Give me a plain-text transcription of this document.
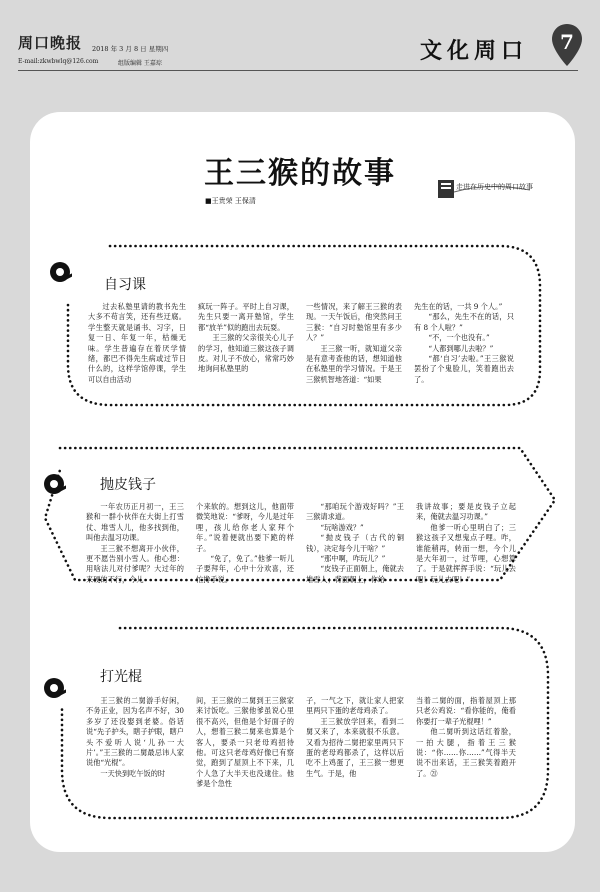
周口晚报 2018 年 3 月 8 日 星期四
E-mail:zkwbwlq@126.com	组版编辑 王嘉琮	文化周口	7
王三猴的故事
■王贵荣 王保清
走进在历史中的周口故事
自习课
抛皮钱子
打光棍

过去私塾里请的教书先生大多不苟言笑，还有些迂腐。学生整天就是诵书、习字，日复一日、年复一年，枯燥无味。学生普遍存在着厌学情绪，都巴不得先生病或过节日什么的，这样学馆停课，学生可以自由活动

疯玩一阵子。平时上自习课，先生只要一离开塾馆，学生都“放羊”似的跑出去玩耍。

王三猴的父亲很关心儿子的学习，他知道三猴这孩子调皮。对儿子不放心，常常巧妙地询问私塾里的

一些情况，来了解王三猴的表现。一天午饭后，他突然问王三猴：“自习时塾馆里有多少人？”

王三猴一听，就知道父亲是有意考查他的话，想知道他在私塾里的学习情况。于是王三猴机智地答道：“如果

先生在的话，一共 9 个人。”

“那么，先生不在的话，只有 8 个人啦？”

“不，一个也没有。”

“人都到哪儿去啦？”

“都‘自习’去啦。”王三猴说罢扮了个鬼脸儿，笑着跑出去了。

一年农历正月初一，王三猴和一群小伙伴在大街上打雪仗、堆雪人儿，他多找到他，叫他去温习功课。

王三猴不想离开小伙伴，更不愿告别小雪人。他心想：用啥法儿对付爹呢？大过年的来硬的不行，今儿

个来软的。想到这儿，他面带微笑地说：“爹呀，今儿是过年哩，孩儿给你老人家拜个年。”说着便就出要下跪的样子。

“免了，免了。”他爹一听儿子要拜年，心中十分欢喜，还忙搀手说。

“那咱玩个游戏好吗？”王三猴请求道。

“玩啥游戏？”

“抛皮钱子（古代的铜钱），决定每今儿干啥？”

“那中啊，咋玩儿？”

“皮钱子正面朝上，俺就去堆雪人；背面朝上，你给

我讲故事；要是皮钱子立起来，俺就去温习功课。”

他爹一听心里明白了；三猴这孩子又想鬼点子哩。咋，谁能稍再，转而一想，今个儿是大年初一，过节哩，心想算了。于是就挥挥手说：“玩儿去吧！玩儿去吧！”

王三猴的二舅游手好闲，不务正业，因为名声不好，30 多岁了还没娶到老婆。俗话说“先子护头，瞎子护眼，瞎户头不爱听人说‘儿孙一大片’。”王三猴的二舅最忌讳人家说他“光棍”。

一天快到吃午饭的时

间，王三猴的二舅到王三猴家来讨饭吃。三猴他爹虽说心里很不高兴，但他是个好面子的人，想着三猴二舅来也算是个客人，要杀一只老母鸡招待他。可这只老母鸡好像已有察觉，跑到了屋顶上不下来，几个人急了大半天也没逮住。他爹是个急性

子，一气之下，就让家人把家里两只下蛋的老母鸡杀了。

王三猴放学回来，看到二舅又来了，本来就很不乐意。又看为招待二舅把家里两只下蛋的老母鸡都杀了，这样以后吃不上鸡蛋了，王三猴一想更生气。于是，他

当着二舅的面，指着屋顶上那只老公鸡说：“看你能的，俺看你要打一辈子光棍哩！”

他二舅听到这话红着脸，一拍大腿，指着王三猴说：“你……你……”气得半天说不出来话，王三猴笑着跑开了。㉑
